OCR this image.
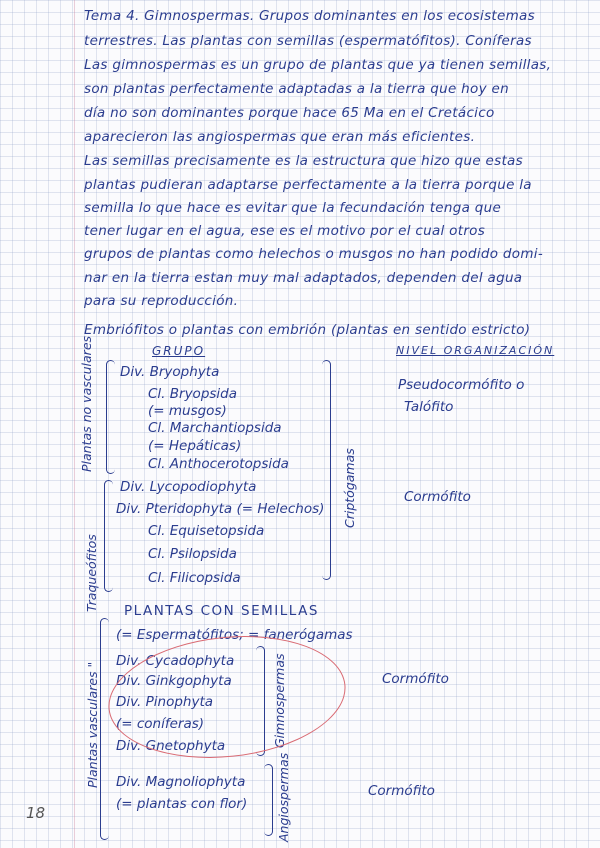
Tema 4. Gimnospermas. Grupos dominantes en los ecosistemas
terrestres. Las plantas con semillas (espermatófitos). Coníferas
Las gimnospermas es un grupo de plantas que ya tienen semillas,
son plantas perfectamente adaptadas a la tierra que hoy en
día no son dominantes porque hace 65 Ma en el Cretácico
aparecieron las angiospermas que eran más eficientes.
Las semillas precisamente es la estructura que hizo que estas
plantas pudieran adaptarse perfectamente a la tierra porque la
semilla lo que hace es evitar que la fecundación tenga que
tener lugar en el agua, ese es el motivo por el cual otros
grupos de plantas como helechos o musgos no han podido domi-
nar en la tierra estan muy mal adaptados, dependen del agua
para su reproducción.
Embriófitos o plantas con embrión (plantas en sentido estricto)
GRUPO	NIVEL ORGANIZACIÓN
Plantas no vasculares
Traqueófitos
Plantas vasculares "
Criptógamas
Gimnospermas
Angiospermas
Div. Bryophyta
Cl. Bryopsida
(= musgos)
Cl. Marchantiopsida
(= Hepáticas)
Cl. Anthocerotopsida
Div. Lycopodiophyta
Div. Pteridophyta (= Helechos)
Cl. Equisetopsida
Cl. Psilopsida
Cl. Filicopsida
PLANTAS CON SEMILLAS
(= Espermatófitos; = fanerógamas
Div. Cycadophyta
Div. Ginkgophyta
Div. Pinophyta
(= coníferas)
Div. Gnetophyta
Div. Magnoliophyta
(= plantas con flor)
Pseudocormófito o
Talófito
Cormófito
Cormófito
Cormófito
18
